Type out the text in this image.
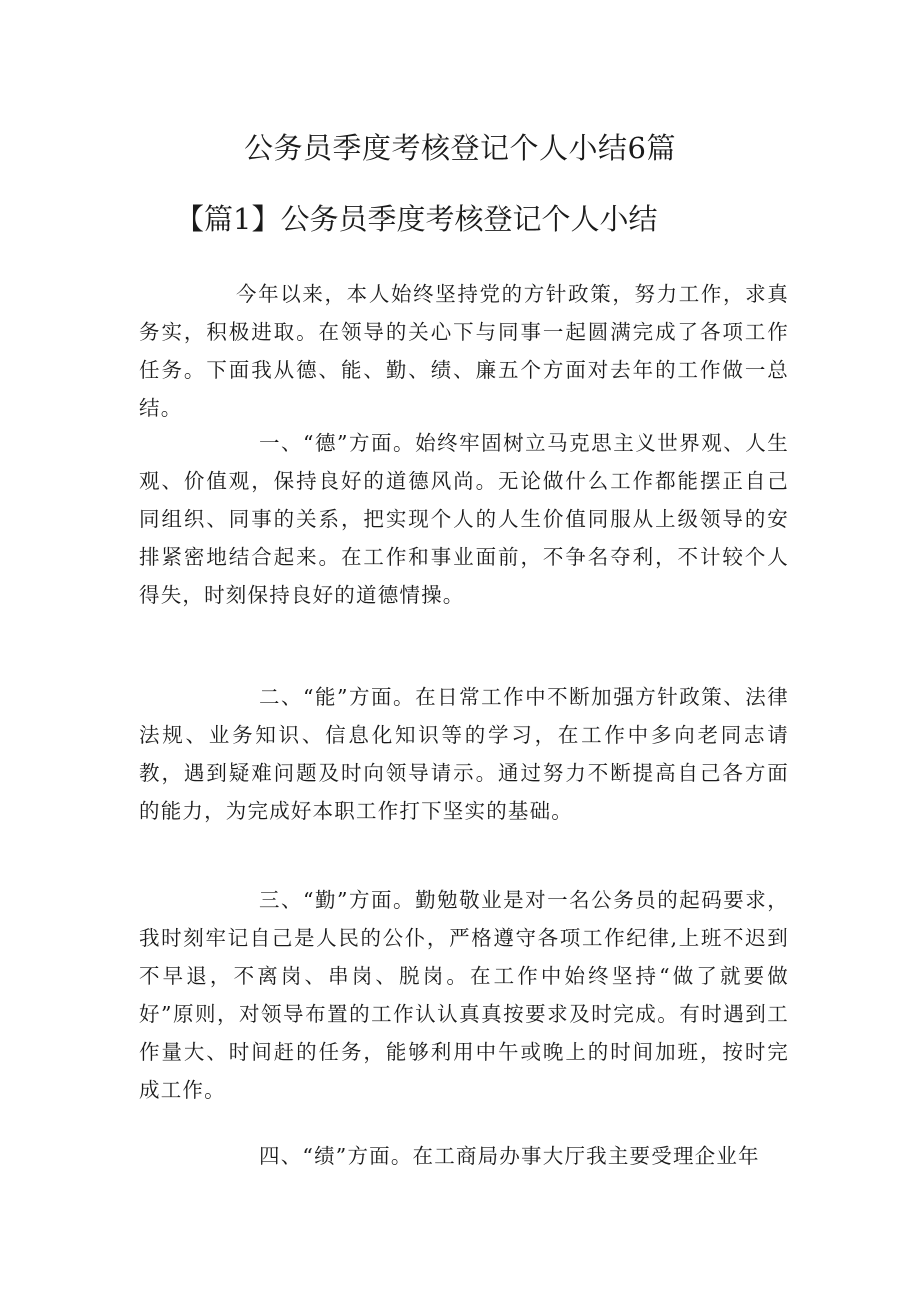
公务员季度考核登记个人小结6篇
【篇1】公务员季度考核登记个人小结

今年以来，本人始终坚持党的方针政策，努力工作，求真务实，积极进取。在领导的关心下与同事一起圆满完成了各项工作任务。下面我从德、能、勤、绩、廉五个方面对去年的工作做一总结。

一、“德”方面。始终牢固树立马克思主义世界观、人生观、价值观，保持良好的道德风尚。无论做什么工作都能摆正自己同组织、同事的关系，把实现个人的人生价值同服从上级领导的安排紧密地结合起来。在工作和事业面前，不争名夺利，不计较个人得失，时刻保持良好的道德情操。

二、“能”方面。在日常工作中不断加强方针政策、法律法规、业务知识、信息化知识等的学习，在工作中多向老同志请教，遇到疑难问题及时向领导请示。通过努力不断提高自己各方面的能力，为完成好本职工作打下坚实的基础。

三、“勤”方面。勤勉敬业是对一名公务员的起码要求，我时刻牢记自己是人民的公仆，严格遵守各项工作纪律,上班不迟到不早退，不离岗、串岗、脱岗。在工作中始终坚持“做了就要做好”原则，对领导布置的工作认认真真按要求及时完成。有时遇到工作量大、时间赶的任务，能够利用中午或晚上的时间加班，按时完成工作。

四、“绩”方面。在工商局办事大厅我主要受理企业年
